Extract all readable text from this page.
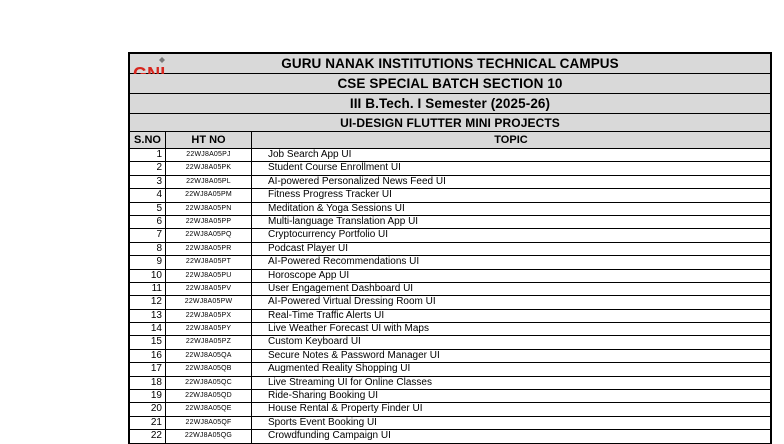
GURU NANAK INSTITUTIONS TECHNICAL CAMPUS
CSE SPECIAL BATCH SECTION 10
III B.Tech. I Semester (2025-26)
UI-DESIGN FLUTTER MINI PROJECTS
S.NO	HT NO	TOPIC
1	22WJ8A05PJ	Job Search App UI
2	22WJ8A05PK	Student Course Enrollment UI
3	22WJ8A05PL	AI-powered Personalized News Feed UI
4	22WJ8A05PM	Fitness Progress Tracker UI
5	22WJ8A05PN	Meditation & Yoga Sessions UI
6	22WJ8A05PP	Multi-language Translation App UI
7	22WJ8A05PQ	Cryptocurrency Portfolio UI
8	22WJ8A05PR	Podcast Player UI
9	22WJ8A05PT	AI-Powered Recommendations UI
10	22WJ8A05PU	Horoscope App UI
11	22WJ8A05PV	User Engagement Dashboard UI
12	22WJ8A05PW	AI-Powered Virtual Dressing Room UI
13	22WJ8A05PX	Real-Time Traffic Alerts UI
14	22WJ8A05PY	Live Weather Forecast UI with Maps
15	22WJ8A05PZ	Custom Keyboard UI
16	22WJ8A05QA	Secure Notes & Password Manager UI
17	22WJ8A05QB	Augmented Reality Shopping UI
18	22WJ8A05QC	Live Streaming UI for Online Classes
19	22WJ8A05QD	Ride-Sharing Booking UI
20	22WJ8A05QE	House Rental & Property Finder UI
21	22WJ8A05QF	Sports Event Booking UI
22	22WJ8A05QG	Crowdfunding Campaign UI
